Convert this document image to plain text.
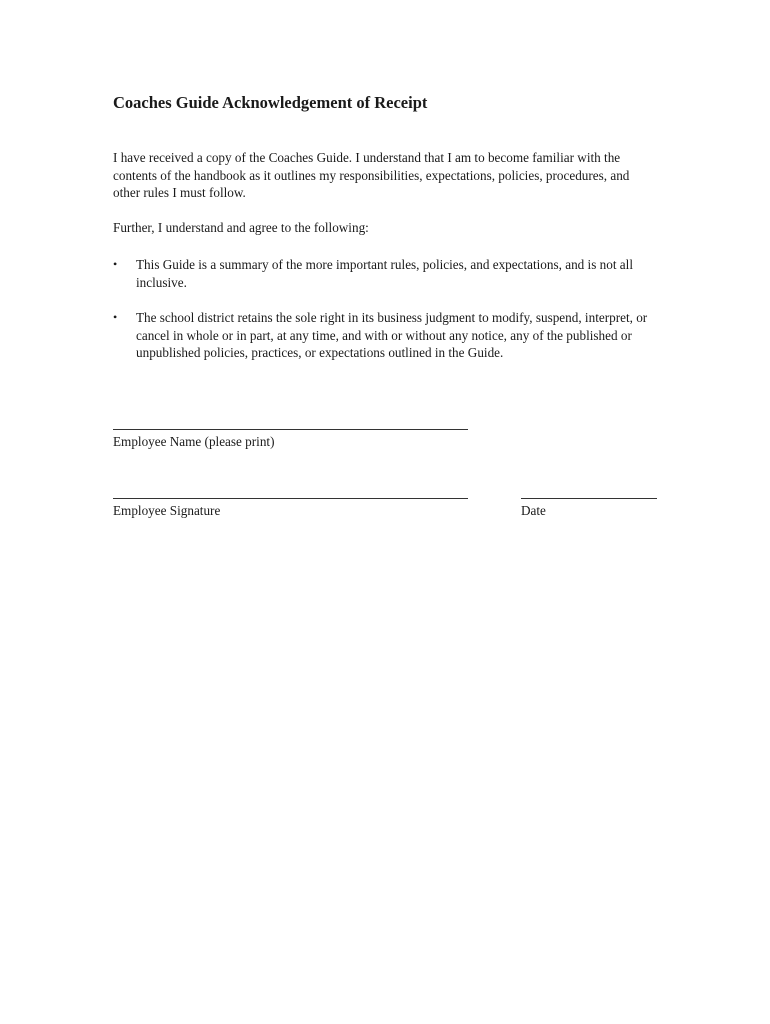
Coaches Guide Acknowledgement of Receipt

I have received a copy of the Coaches Guide. I understand that I am to become familiar with the contents of the handbook as it outlines my responsibilities, expectations, policies, procedures, and other rules I must follow.

Further, I understand and agree to the following:

• This Guide is a summary of the more important rules, policies, and expectations, and is not all inclusive.
• The school district retains the sole right in its business judgment to modify, suspend, interpret, or cancel in whole or in part, at any time, and with or without any notice, any of the published or unpublished policies, practices, or expectations outlined in the Guide.
Employee Name (please print)
Employee Signature	Date
